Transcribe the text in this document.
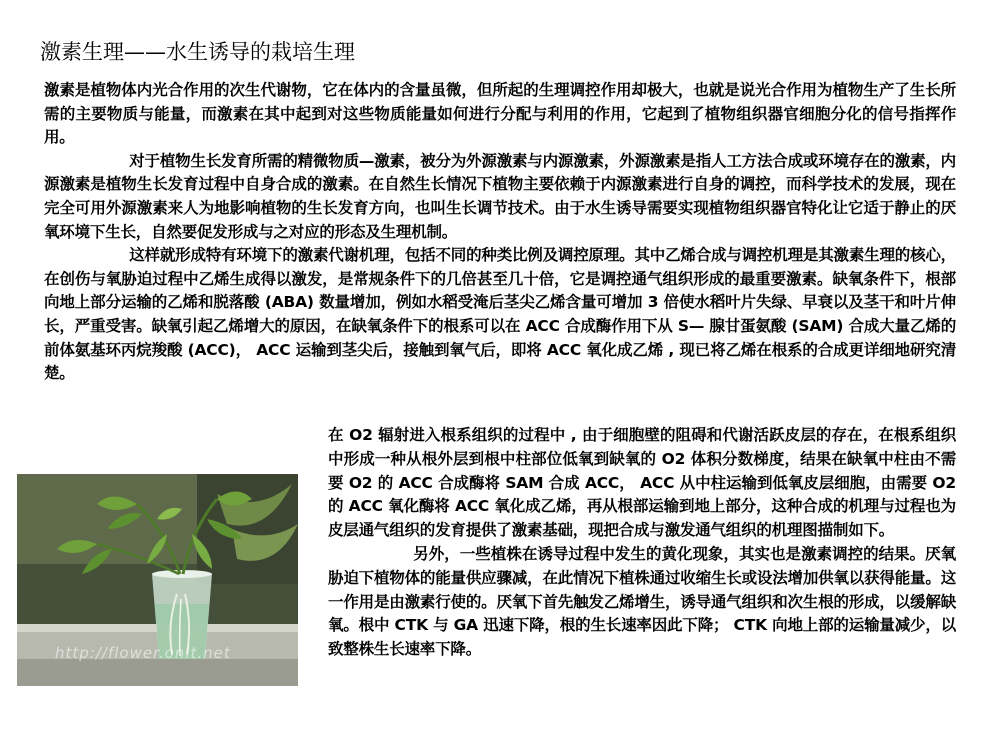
激素生理——水生诱导的栽培生理

激素是植物体内光合作用的次生代谢物，它在体内的含量虽微，但所起的生理调控作用却极大，也就是说光合作用为植物生产了生长所需的主要物质与能量，而激素在其中起到对这些物质能量如何进行分配与利用的作用，它起到了植物组织器官细胞分化的信号指挥作用。

对于植物生长发育所需的精微物质—激素，被分为外源激素与内源激素，外源激素是指人工方法合成或环境存在的激素，内源激素是植物生长发育过程中自身合成的激素。在自然生长情况下植物主要依赖于内源激素进行自身的调控，而科学技术的发展，现在完全可用外源激素来人为地影响植物的生长发育方向，也叫生长调节技术。由于水生诱导需要实现植物组织器官特化让它适于静止的厌氧环境下生长，自然要促发形成与之对应的形态及生理机制。

这样就形成特有环境下的激素代谢机理，包括不同的种类比例及调控原理。其中乙烯合成与调控机理是其激素生理的核心，在创伤与氧胁迫过程中乙烯生成得以激发，是常规条件下的几倍甚至几十倍，它是调控通气组织形成的最重要激素。缺氧条件下，根部向地上部分运输的乙烯和脱落酸 (ABA) 数量增加，例如水稻受淹后茎尖乙烯含量可增加 3 倍使水稻叶片失绿、早衰以及茎干和叶片伸长，严重受害。缺氧引起乙烯增大的原因，在缺氧条件下的根系可以在 ACC 合成酶作用下从 S— 腺甘蛋氨酸 (SAM) 合成大量乙烯的前体氨基环丙烷羧酸 (ACC)， ACC 运输到茎尖后，接触到氧气后，即将 ACC 氧化成乙烯 , 现已将乙烯在根系的合成更详细地研究清楚。

http://flower.onlt.net

在 O2 辐射进入根系组织的过程中 , 由于细胞壁的阻碍和代谢活跃皮层的存在，在根系组织中形成一种从根外层到根中柱部位低氧到缺氧的 O2 体积分数梯度，结果在缺氧中柱由不需要 O2 的 ACC 合成酶将 SAM 合成 ACC， ACC 从中柱运输到低氧皮层细胞，由需要 O2 的 ACC 氧化酶将 ACC 氧化成乙烯，再从根部运输到地上部分，这种合成的机理与过程也为皮层通气组织的发育提供了激素基础，现把合成与激发通气组织的机理图描制如下。

另外，一些植株在诱导过程中发生的黄化现象，其实也是激素调控的结果。厌氧胁迫下植物体的能量供应骤减，在此情况下植株通过收缩生长或设法增加供氧以获得能量。这一作用是由激素行使的。厌氧下首先触发乙烯增生，诱导通气组织和次生根的形成，以缓解缺氧。根中 CTK 与 GA 迅速下降，根的生长速率因此下降； CTK 向地上部的运输量减少，以致整株生长速率下降。
